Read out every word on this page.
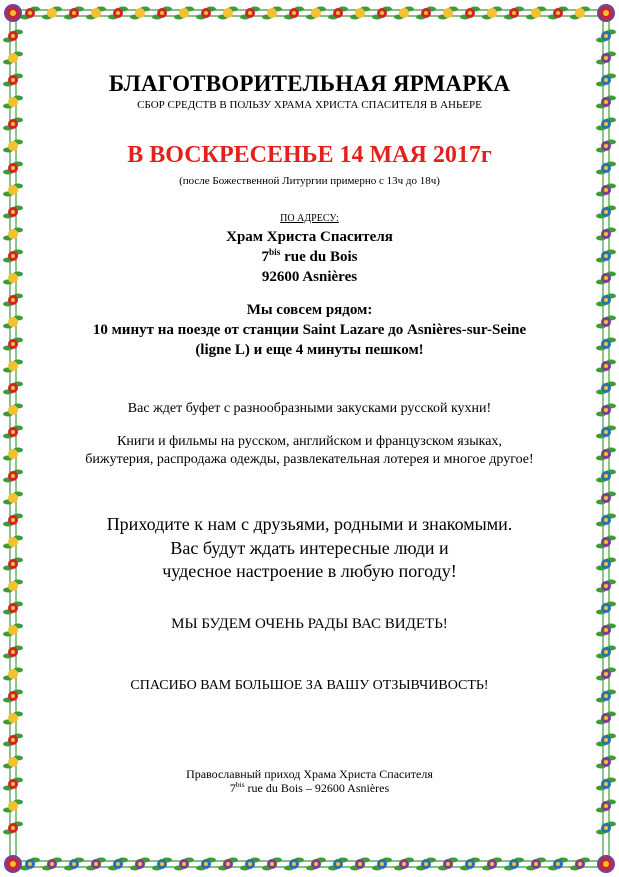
БЛАГОТВОРИТЕЛЬНАЯ ЯРМАРКА
СБОР СРЕДСТВ В ПОЛЬЗУ ХРАМА ХРИСТА СПАСИТЕЛЯ В АНЬЕРЕ
В ВОСКРЕСЕНЬЕ 14 МАЯ 2017г
(после Божественной Литургии примерно с 13ч до 18ч)
ПО АДРЕСУ:
Храм Христа Спасителя
$7^{bis}$ rue du Bois
92600 Asnières
Мы совсем рядом:
10 минут на поезде от станции Saint Lazare до Asnières-sur-Seine
(ligne L) и еще 4 минуты пешком!
Вас ждет буфет с разнообразными закусками русской кухни!
Книги и фильмы на русском, английском и французском языках,
бижутерия, распродажа одежды, развлекательная лотерея и многое другое!
Приходите к нам с друзьями, родными и знакомыми.
Вас будут ждать интересные люди и
чудесное настроение в любую погоду!
МЫ БУДЕМ ОЧЕНЬ РАДЫ ВАС ВИДЕТЬ!
СПАСИБО ВАМ БОЛЬШОЕ ЗА ВАШУ ОТЗЫВЧИВОСТЬ!
Православный приход Храма Христа Спасителя
$7^{bis}$ rue du Bois – 92600 Asnières
